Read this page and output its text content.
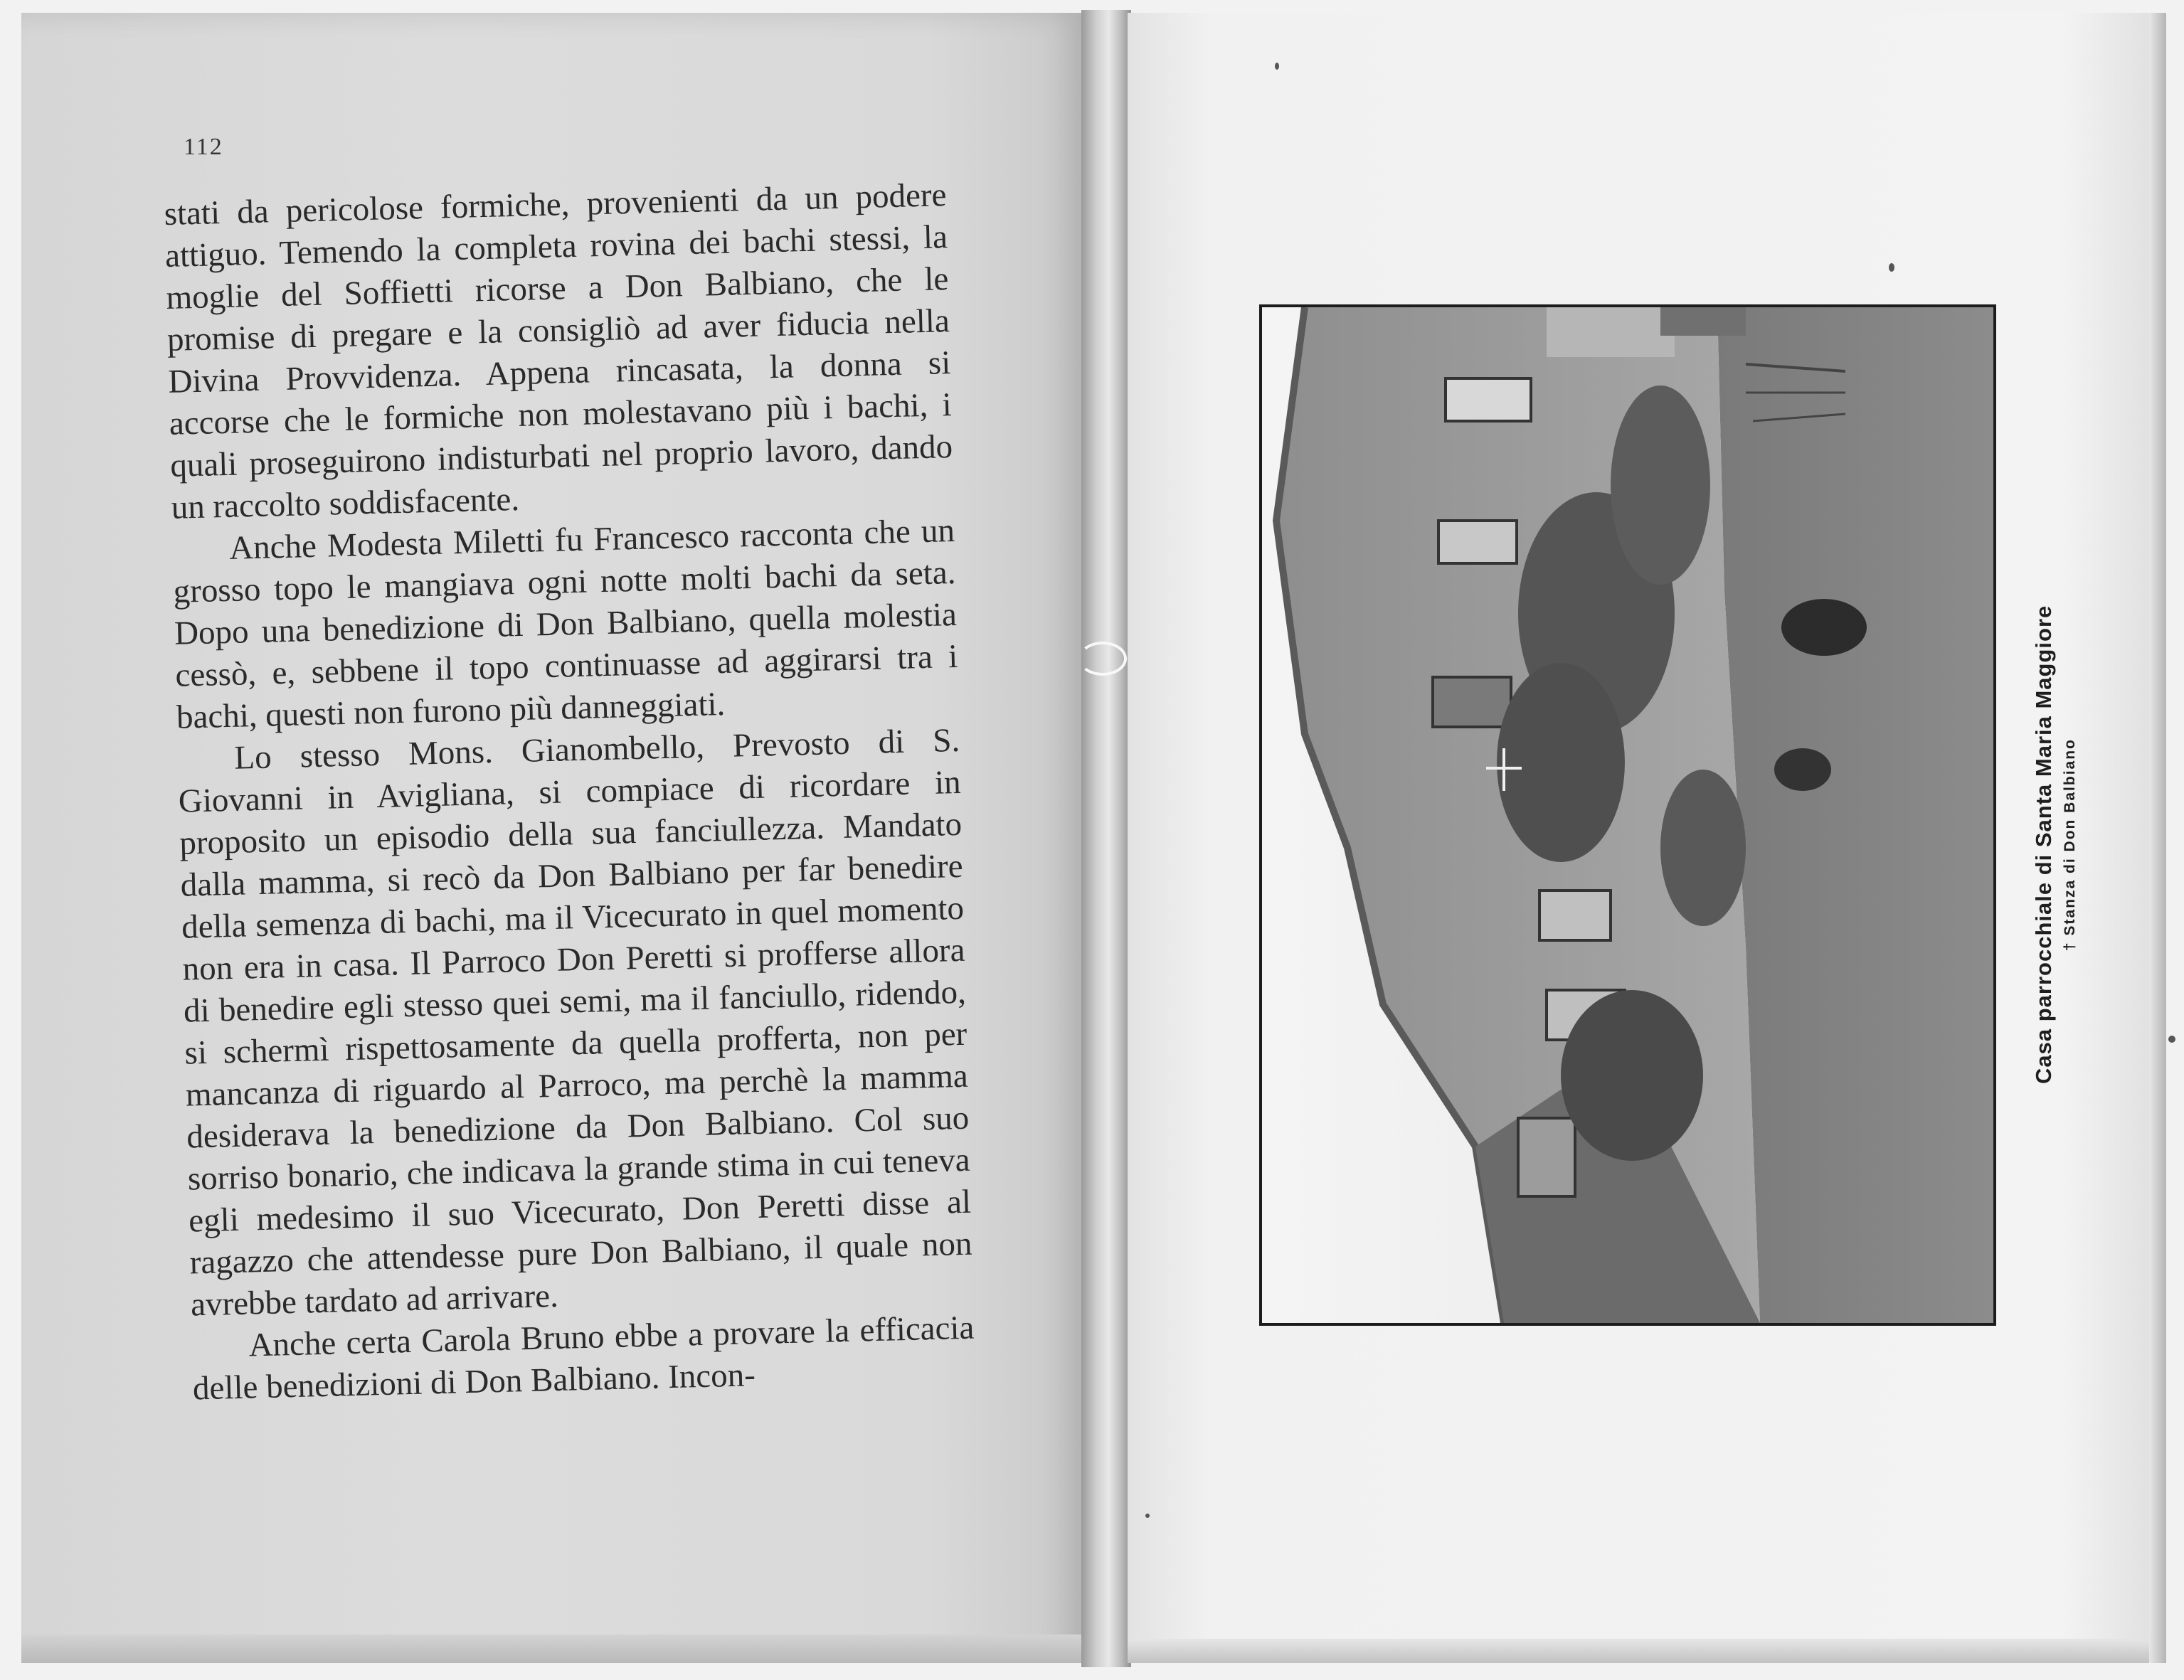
112

stati da pericolose formiche, provenienti da un podere attiguo. Temendo la completa rovina dei bachi stessi, la moglie del Soffietti ricorse a Don Balbiano, che le promise di pregare e la consigliò ad aver fiducia nella Divina Provvidenza. Appena rincasata, la donna si accorse che le formiche non molestavano più i bachi, i quali proseguirono indisturbati nel proprio lavoro, dando un raccolto soddisfacente.

Anche Modesta Miletti fu Francesco racconta che un grosso topo le mangiava ogni notte molti bachi da seta. Dopo una benedizione di Don Balbiano, quella molestia cessò, e, sebbene il topo continuasse ad aggirarsi tra i bachi, questi non furono più danneggiati.

Lo stesso Mons. Gianombello, Prevosto di S. Giovanni in Avigliana, si compiace di ricordare in proposito un episodio della sua fanciullezza. Mandato dalla mamma, si recò da Don Balbiano per far benedire della semenza di bachi, ma il Vicecurato in quel momento non era in casa. Il Parroco Don Peretti si profferse allora di benedire egli stesso quei semi, ma il fanciullo, ridendo, si schermì rispettosamente da quella profferta, non per mancanza di riguardo al Parroco, ma perchè la mamma desiderava la benedizione da Don Balbiano. Col suo sorriso bonario, che indicava la grande stima in cui teneva egli medesimo il suo Vicecurato, Don Peretti disse al ragazzo che attendesse pure Don Balbiano, il quale non avrebbe tardato ad arrivare.

Anche certa Carola Bruno ebbe a provare la efficacia delle benedizioni di Don Balbiano. Incon-

Casa parrocchiale di Santa Maria Maggiore † Stanza di Don Balbiano
